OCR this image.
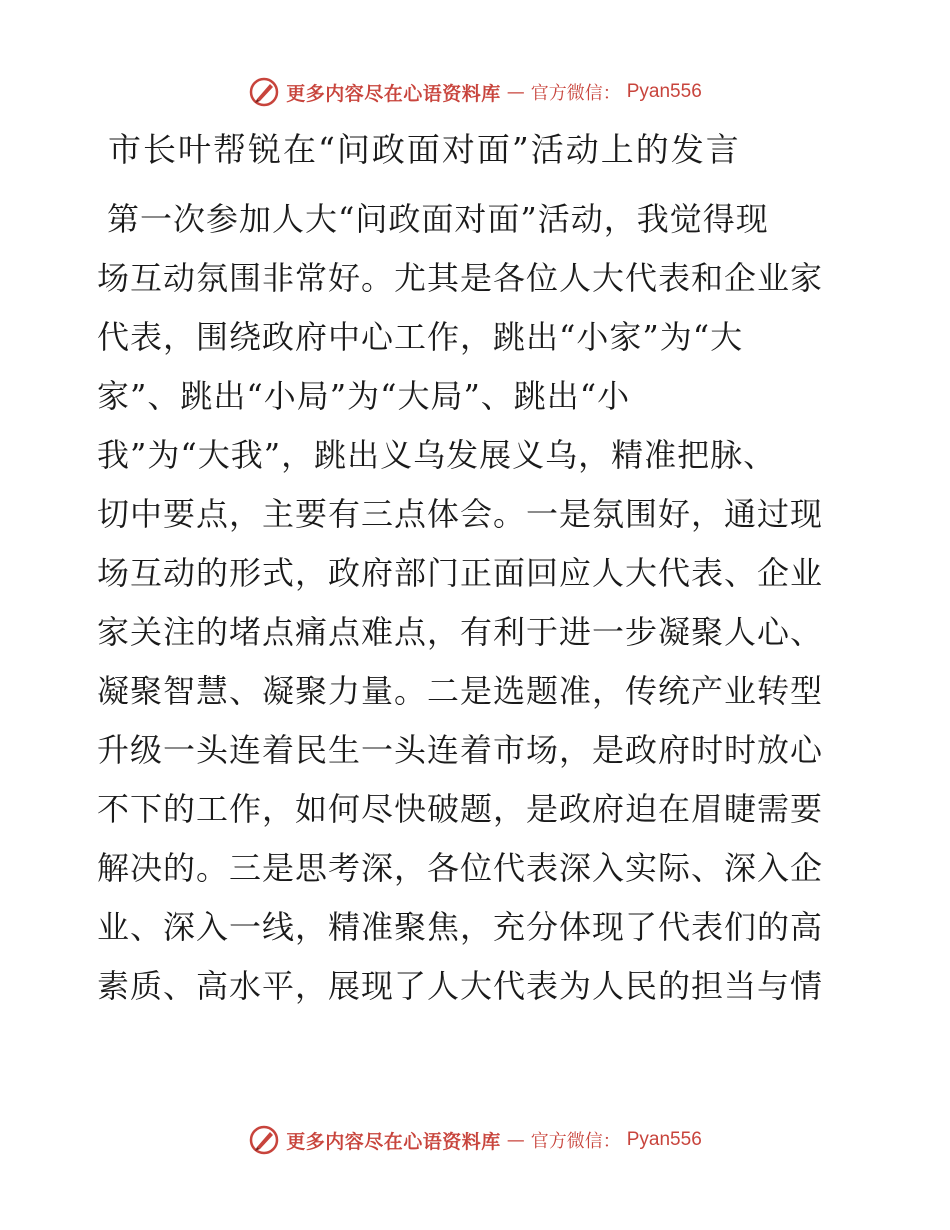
更多内容尽在心语资料库 — 官方微信： Pyan556
市长叶帮锐在“问政面对面”活动上的发言
第一次参加人大“问政面对面”活动，我觉得现
场互动氛围非常好。尤其是各位人大代表和企业家
代表，围绕政府中心工作，跳出“小家”为“大
家”、跳出“小局”为“大局”、跳出“小
我”为“大我”，跳出义乌发展义乌，精准把脉、
切中要点，主要有三点体会。一是氛围好，通过现
场互动的形式，政府部门正面回应人大代表、企业
家关注的堵点痛点难点，有利于进一步凝聚人心、
凝聚智慧、凝聚力量。二是选题准，传统产业转型
升级一头连着民生一头连着市场，是政府时时放心
不下的工作，如何尽快破题，是政府迫在眉睫需要
解决的。三是思考深，各位代表深入实际、深入企
业、深入一线，精准聚焦，充分体现了代表们的高
素质、高水平，展现了人大代表为人民的担当与情
更多内容尽在心语资料库 — 官方微信： Pyan556
